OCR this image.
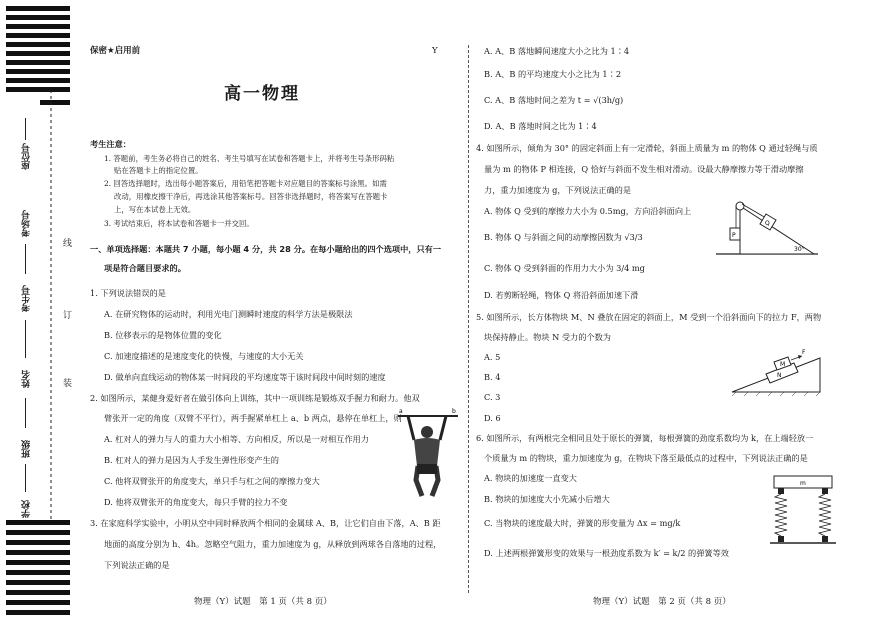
座位号
考场号
考生号
姓名
班级
学校
线
订
装
保密★启用前	Y
高一物理
考生注意：
1. 答题前，考生务必将自己的姓名、考生号填写在试卷和答题卡上，并将考生号条形码粘
贴在答题卡上的指定位置。
2. 回答选择题时，选出每小题答案后，用铅笔把答题卡对应题目的答案标号涂黑。如需
改动，用橡皮擦干净后，再选涂其他答案标号。回答非选择题时，将答案写在答题卡
上，写在本试卷上无效。
3. 考试结束后，将本试卷和答题卡一并交回。
一、单项选择题：本题共 7 小题，每小题 4 分，共 28 分。在每小题给出的四个选项中，只有一
项是符合题目要求的。
1. 下列说法错误的是
A. 在研究物体的运动时，利用光电门测瞬时速度的科学方法是极限法
B. 位移表示的是物体位置的变化
C. 加速度描述的是速度变化的快慢，与速度的大小无关
D. 做单向直线运动的物体某一时间段的平均速度等于该时间段中间时刻的速度
2. 如图所示，某健身爱好者在做引体向上训练，其中一项训练是锻炼双手握力和耐力。他双
臂张开一定的角度（双臂不平行），两手握紧单杠上 a、b 两点，悬停在单杠上，则
A. 杠对人的弹力与人的重力大小相等、方向相反，所以是一对相互作用力
B. 杠对人的弹力是因为人手发生弹性形变产生的
C. 他将双臂张开的角度变大，单只手与杠之间的摩擦力变大
D. 他将双臂张开的角度变大，每只手臂的拉力不变
a	b
3. 在家庭科学实验中，小明从空中同时释放两个相同的金属球 A、B，让它们自由下落，A、B 距
地面的高度分别为 h、4h。忽略空气阻力，重力加速度为 g，从释放到两球各自落地的过程，
下列说法正确的是
物理（Y）试题　第 1 页（共 8 页）
A. A、B 落地瞬间速度大小之比为 1∶4
B. A、B 的平均速度大小之比为 1∶2
C. A、B 落地时间之差为 t = √(3h/g)
D. A、B 落地时间之比为 1∶4
4. 如图所示，倾角为 30° 的固定斜面上有一定滑轮，斜面上质量为 m 的物体 Q 通过轻绳与质
量为 m 的物体 P 相连接，Q 恰好与斜面不发生相对滑动。设最大静摩擦力等于滑动摩擦
力，重力加速度为 g，下列说法正确的是
A. 物体 Q 受到的摩擦力大小为 0.5mg，方向沿斜面向上
B. 物体 Q 与斜面之间的动摩擦因数为 √3/3
C. 物体 Q 受到斜面的作用力大小为 3/4 mg
D. 若剪断轻绳，物体 Q 将沿斜面加速下滑
P
Q
30°
5. 如图所示，长方体物块 M、N 叠放在固定的斜面上，M 受到一个沿斜面向下的拉力 F，两物
块保持静止。物块 N 受力的个数为
A. 5
B. 4
C. 3
D. 6
N
M
F
6. 如图所示，有两根完全相同且处于原长的弹簧，每根弹簧的劲度系数均为 k，在上端轻放一
个质量为 m 的物块，重力加速度为 g，在物块下落至最低点的过程中，下列说法正确的是
A. 物块的加速度一直变大
B. 物块的加速度大小先减小后增大
C. 当物块的速度最大时，弹簧的形变量为 Δx = mg/k
D. 上述两根弹簧形变的效果与一根劲度系数为 k′ = k/2 的弹簧等效
m
物理（Y）试题　第 2 页（共 8 页）
